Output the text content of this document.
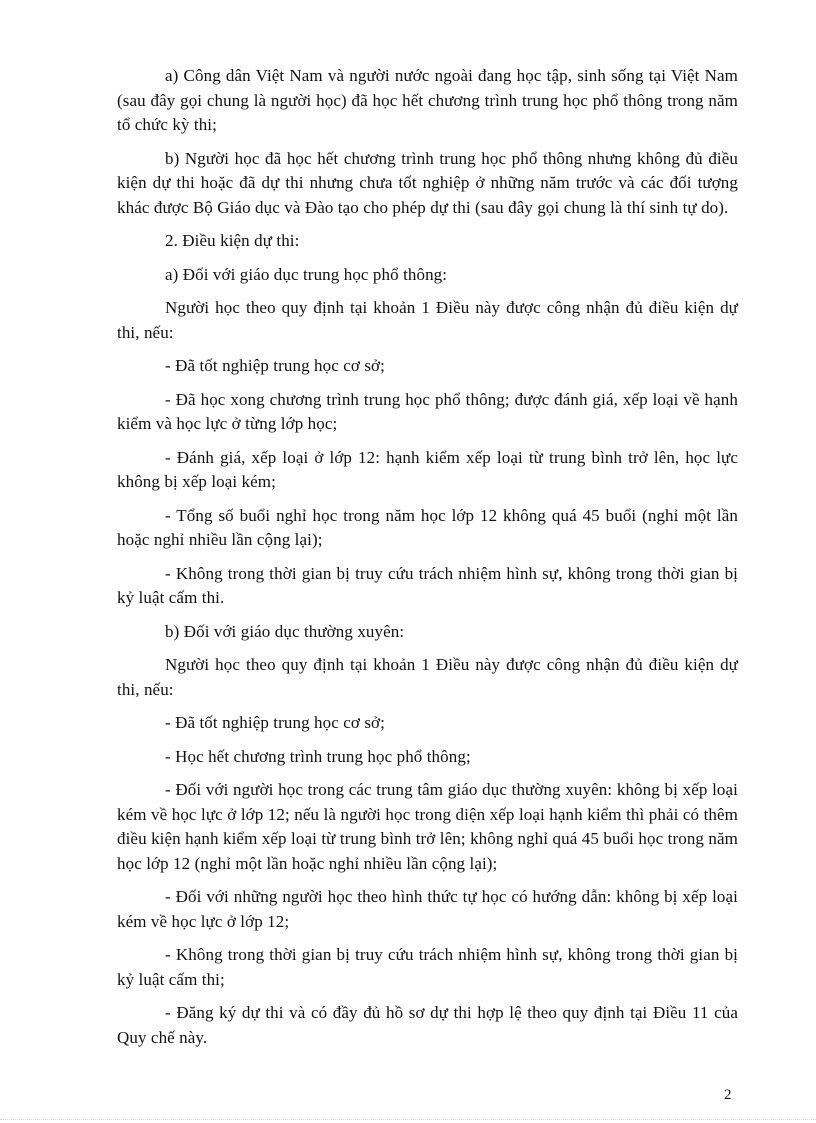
a) Công dân Việt Nam và người nước ngoài đang học tập, sinh sống tại Việt Nam (sau đây gọi chung là người học) đã học hết chương trình trung học phổ thông trong năm tổ chức kỳ thi;

b) Người học đã học hết chương trình trung học phổ thông nhưng không đủ điều kiện dự thi hoặc đã dự thi nhưng chưa tốt nghiệp ở những năm trước và các đối tượng khác được Bộ Giáo dục và Đào tạo cho phép dự thi (sau đây gọi chung là thí sinh tự do).

2. Điều kiện dự thi:

a) Đối với giáo dục trung học phổ thông:

Người học theo quy định tại khoản 1 Điều này được công nhận đủ điều kiện dự thi, nếu:

- Đã tốt nghiệp trung học cơ sở;

- Đã học xong chương trình trung học phổ thông; được đánh giá, xếp loại về hạnh kiểm và học lực ở từng lớp học;

- Đánh giá, xếp loại ở lớp 12: hạnh kiểm xếp loại từ trung bình trở lên, học lực không bị xếp loại kém;

- Tổng số buổi nghỉ học trong năm học lớp 12 không quá 45 buổi (nghỉ một lần hoặc nghỉ nhiều lần cộng lại);

- Không trong thời gian bị truy cứu trách nhiệm hình sự, không trong thời gian bị kỷ luật cấm thi.

b) Đối với giáo dục thường xuyên:

Người học theo quy định tại khoản 1 Điều này được công nhận đủ điều kiện dự thi, nếu:

- Đã tốt nghiệp trung học cơ sở;

- Học hết chương trình trung học phổ thông;

- Đối với người học trong các trung tâm giáo dục thường xuyên: không bị xếp loại kém về học lực ở lớp 12; nếu là người học trong diện xếp loại hạnh kiểm thì phải có thêm điều kiện hạnh kiểm xếp loại từ trung bình trở lên; không nghỉ quá 45 buổi học trong năm học lớp 12 (nghỉ một lần hoặc nghỉ nhiều lần cộng lại);

- Đối với những người học theo hình thức tự học có hướng dẫn: không bị xếp loại kém về học lực ở lớp 12;

- Không trong thời gian bị truy cứu trách nhiệm hình sự, không trong thời gian bị kỷ luật cấm thi;

- Đăng ký dự thi và có đầy đủ hồ sơ dự thi hợp lệ theo quy định tại Điều 11 của Quy chế này.

2
